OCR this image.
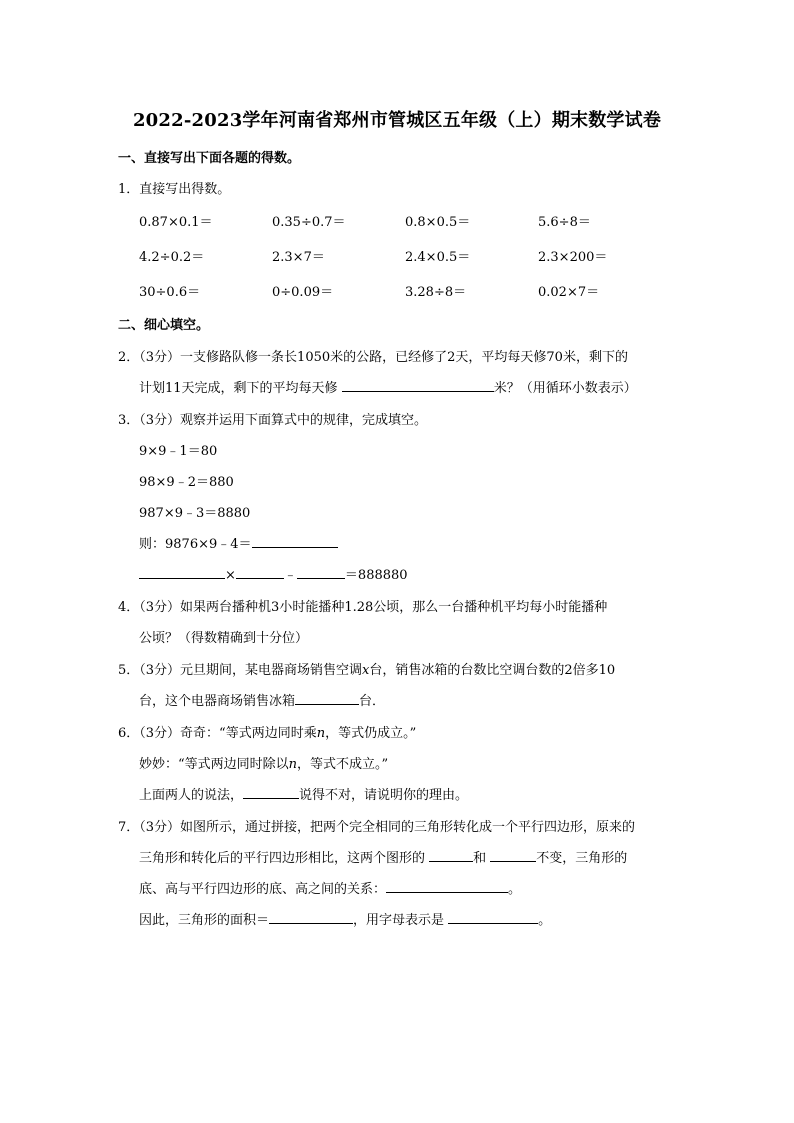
2022-2023学年河南省郑州市管城区五年级（上）期末数学试卷
一、直接写出下面各题的得数。
1．直接写出得数。
0.87×0.1＝	0.35÷0.7＝	0.8×0.5＝	5.6÷8＝
4.2÷0.2＝	2.3×7＝	2.4×0.5＝	2.3×200＝
30÷0.6＝	0÷0.09＝	3.28÷8＝	0.02×7＝
二、细心填空。
2．（3分）一支修路队修一条长1050米的公路，已经修了2天，平均每天修70米，剩下的
计划11天完成，剩下的平均每天修	米？（用循环小数表示）
3．（3分）观察并运用下面算式中的规律，完成填空。
9×9﹣1＝80
98×9﹣2＝880
987×9﹣3＝8880
则：9876×9﹣4＝
×	﹣	＝888880
4．（3分）如果两台播种机3小时能播种1.28公顷，那么一台播种机平均每小时能播种
公顷？（得数精确到十分位）
5．（3分）元旦期间，某电器商场销售空调x台，销售冰箱的台数比空调台数的2倍多10
台，这个电器商场销售冰箱	台．
6．（3分）奇奇：“等式两边同时乘n，等式仍成立。”
妙妙：“等式两边同时除以n，等式不成立。”
上面两人的说法，	说得不对，请说明你的理由。
7．（3分）如图所示，通过拼接，把两个完全相同的三角形转化成一个平行四边形，原来的
三角形和转化后的平行四边形相比，这两个图形的	和	不变，三角形的
底、高与平行四边形的底、高之间的关系：	。
因此，三角形的面积＝	，用字母表示是	。
